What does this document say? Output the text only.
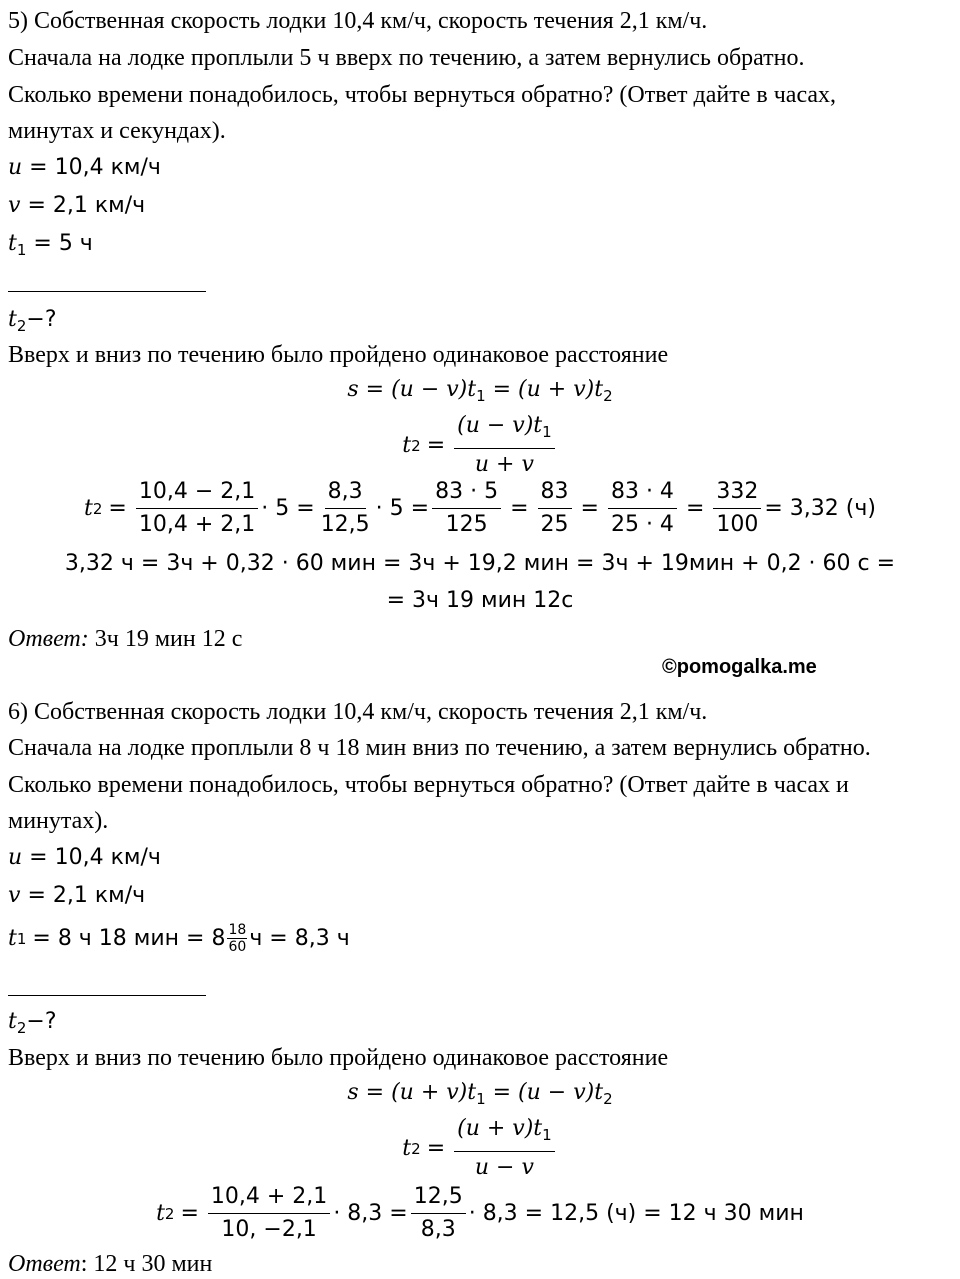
5) Собственная скорость лодки 10,4 км/ч, скорость течения 2,1 км/ч.
Сначала на лодке проплыли 5 ч вверх по течению, а затем вернулись обратно.
Сколько времени понадобилось, чтобы вернуться обратно? (Ответ дайте в часах,
минутах и секундах).
u = 10,4 км/ч
v = 2,1 км/ч
$t_1 = 5$ ч
$t_2-$?
Вверх и вниз по течению было пройдено одинаковое расстояние
$s = (u - v)t_1 = (u + v)t_2$
t $2 = \frac{(u - v)t_1}{u + v}$
t $2 = \frac{10,4 - 2,1}{10,4 + 2,1} \cdot 5 = \frac{8,3}{12,5} \cdot 5 = \frac{83 \cdot 5}{125} = \frac{83}{25} = \frac{83 \cdot 4}{25 \cdot 4} = \frac{332}{100} = 3,32$ (ч)
3,32 ч = 3ч + 0,32 · 60 мин = 3ч + 19,2 мин = 3ч + 19мин + 0,2 · 60 с =
= 3ч 19 мин 12с
Ответ: 3ч 19 мин 12 с
©pomogalka.me
6) Собственная скорость лодки 10,4 км/ч, скорость течения 2,1 км/ч.
Сначала на лодке проплыли 8 ч 18 мин вниз по течению, а затем вернулись обратно.
Сколько времени понадобилось, чтобы вернуться обратно? (Ответ дайте в часах и
минутах).
u = 10,4 км/ч
v = 2,1 км/ч
t 1 = 8 ч 18 мин = $8 \frac{18}{60}$ ч = 8,3 ч
$t_2-$?
Вверх и вниз по течению было пройдено одинаковое расстояние
$s = (u + v)t_1 = (u - v)t_2$
t $2 = \frac{(u + v)t_1}{u - v}$
t $2 = \frac{10,4 + 2,1}{10, -2,1} \cdot 8,3 = \frac{12,5}{8,3} \cdot 8,3 = 12,5$ (ч) = 12 ч 30 мин
Ответ: 12 ч 30 мин
